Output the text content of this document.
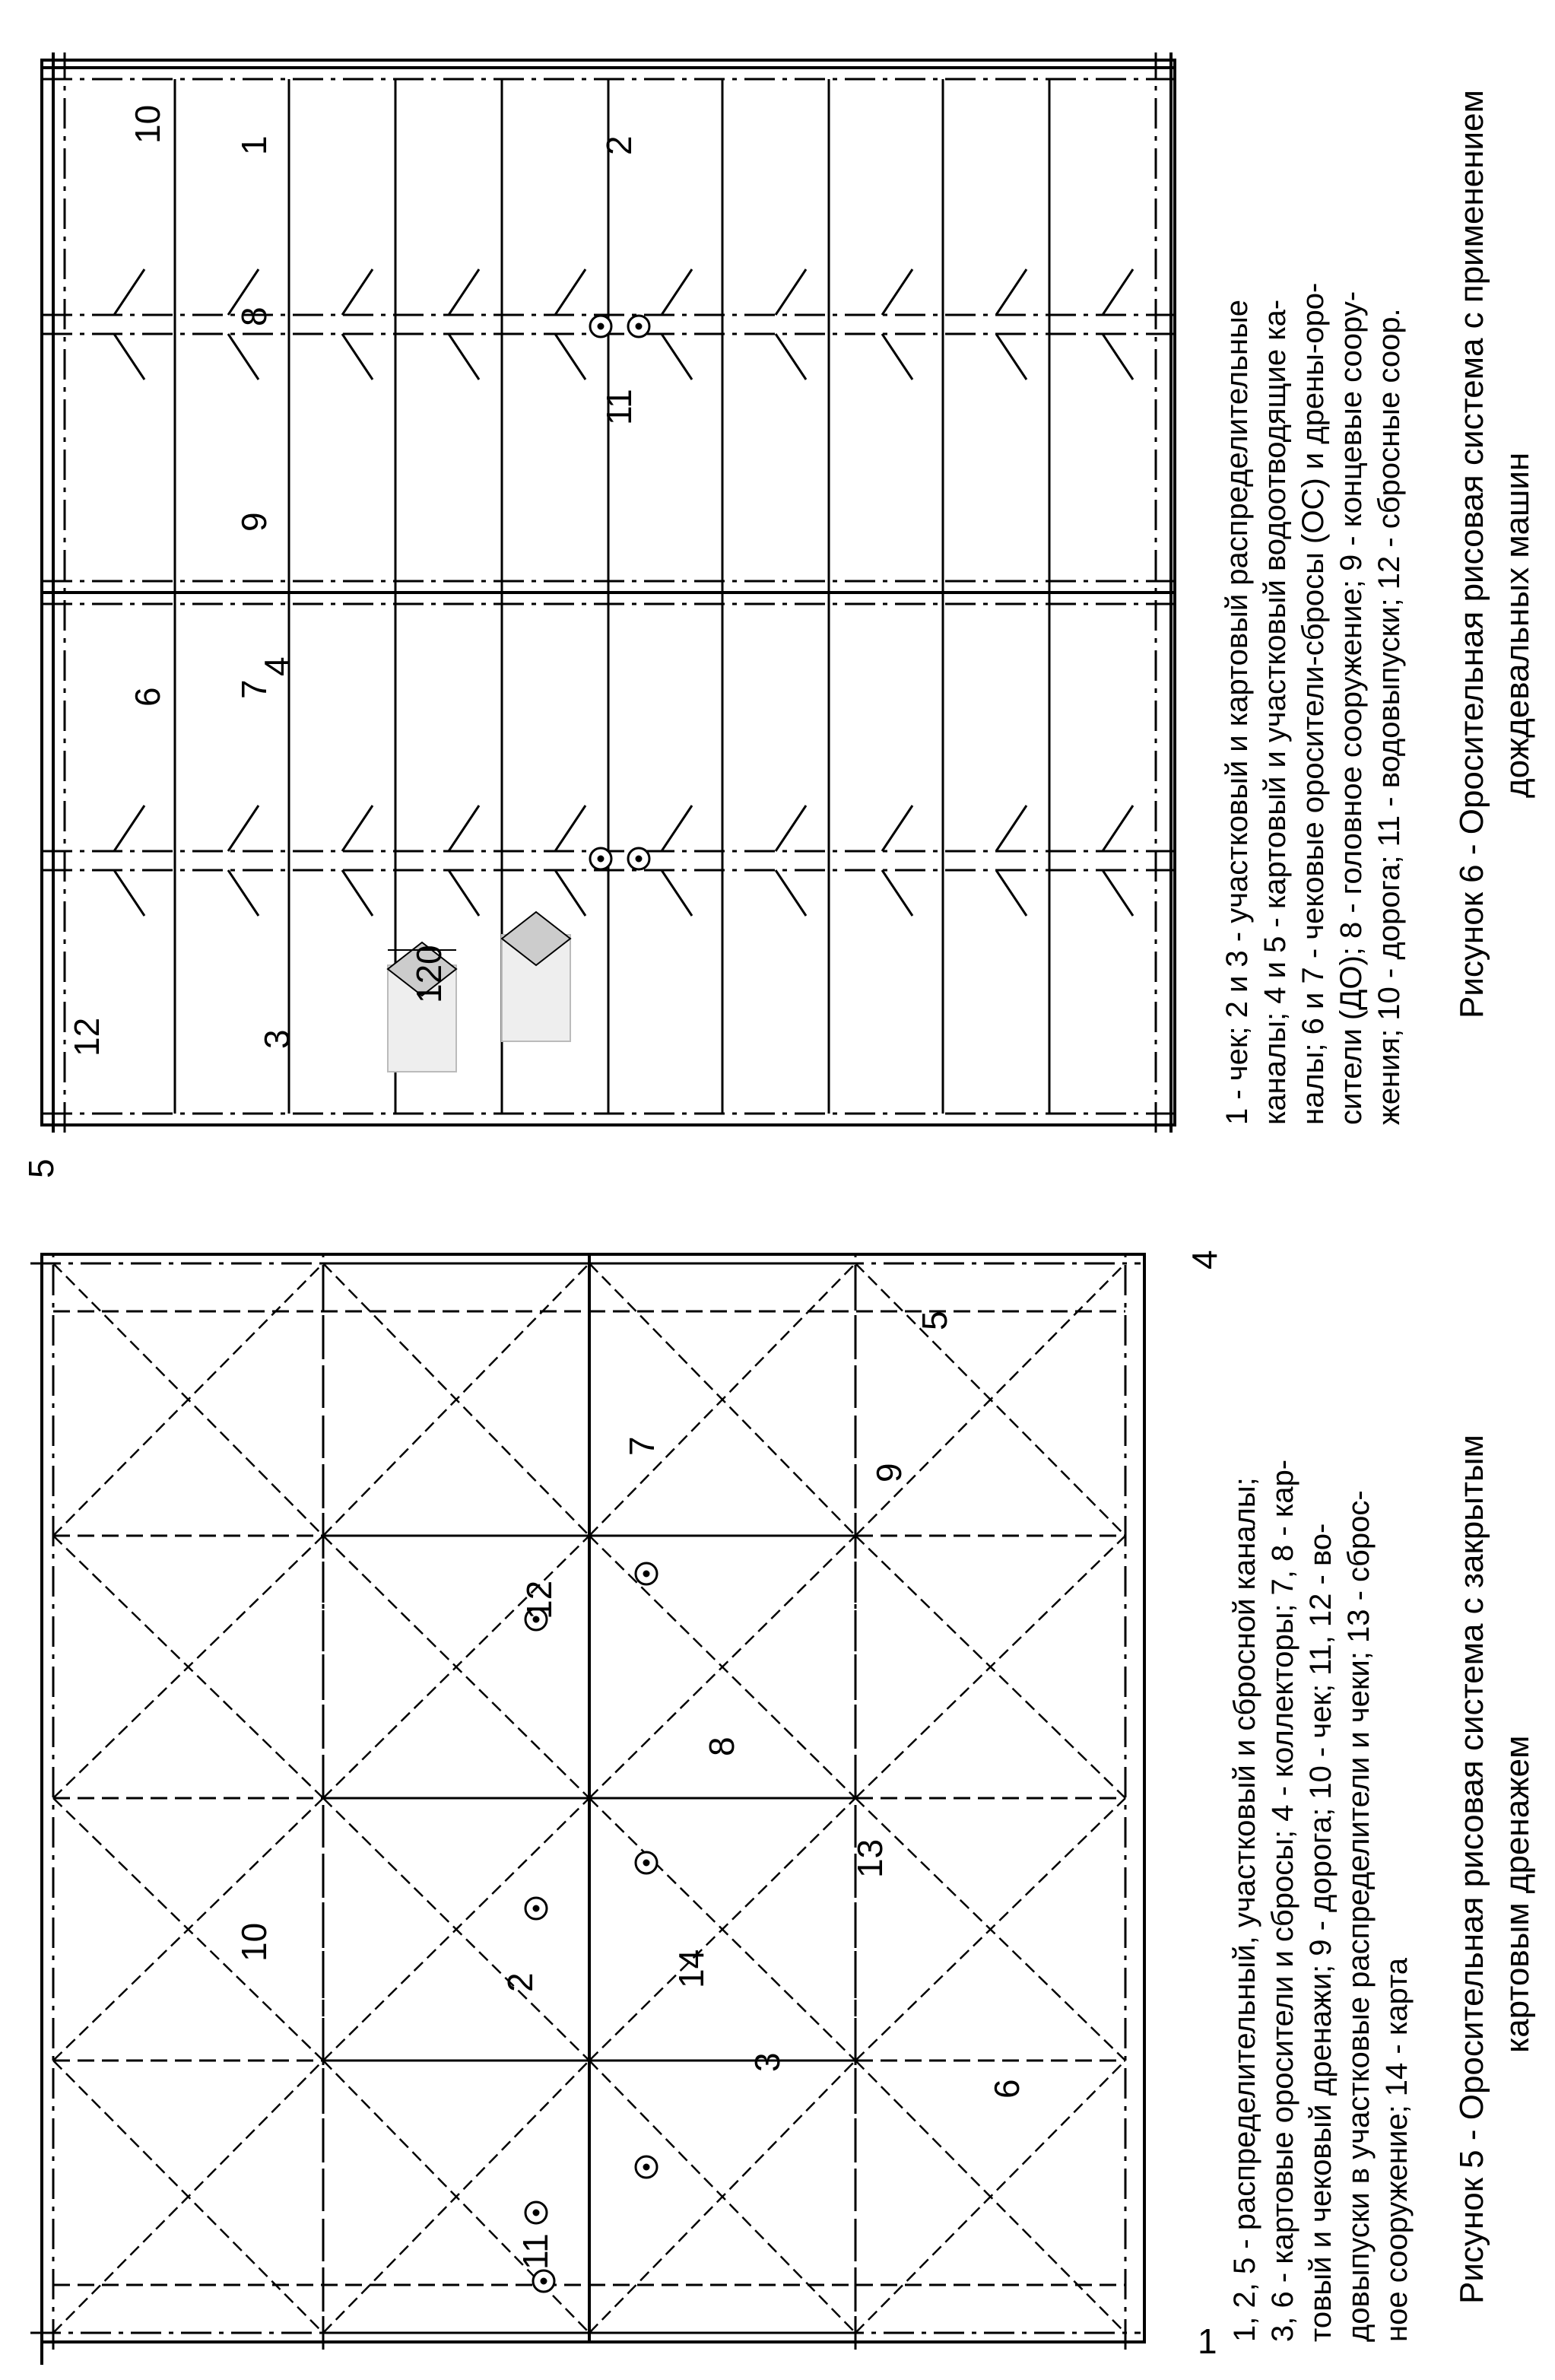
1
2
3
4
5
6
7
8
9
10
11
12
13
14	1, 2, 5 - распределительный, участковый и сбросной каналы; 3, 6 - картовые оросители и сбросы; 4 - коллекторы; 7, 8 - кар- товый и чековый дренажи; 9 - дорога; 10 - чек; 11, 12 - во- довыпуски в участковые распределители и чеки; 13 - сброс- ное сооружение; 14 - карта Рисунок 5 - Оросительная рисовая система с закрытым картовым дренажем
1	2
3
4
5
6 7
8
9
10
11
12
120	1 - чек; 2 и 3 - участковый и картовый распределительные каналы; 4 и 5 - картовый и участковый водоотводящие ка- налы; 6 и 7 - чековые оросители-сбросы (ОС) и дрены-оро- сители (ДО); 8 - головное сооружение; 9 - концевые соору- жения; 10 - дорога; 11 - водовыпуски; 12 - сбросные соор. Рисунок 6 - Оросительная рисовая система с применением дождевальных машин
